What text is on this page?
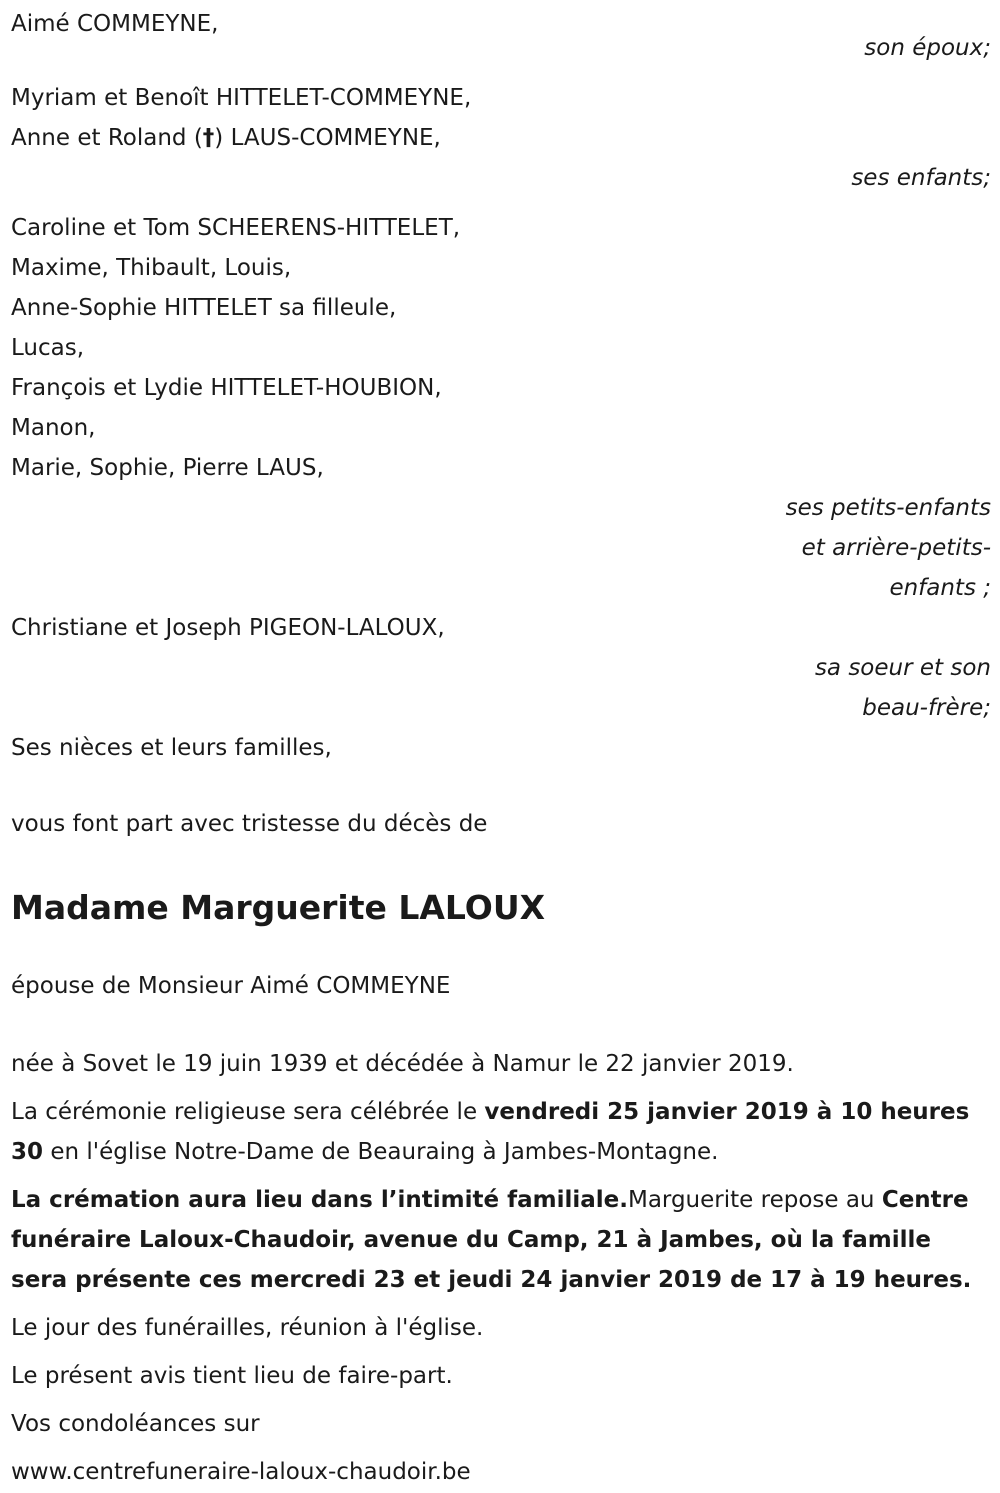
Aimé COMMEYNE,
son époux;
Myriam et Benoît HITTELET-COMMEYNE,
Anne et Roland (†) LAUS-COMMEYNE,
ses enfants;
Caroline et Tom SCHEERENS-HITTELET,
Maxime, Thibault, Louis,
Anne-Sophie HITTELET sa filleule,
Lucas,
François et Lydie HITTELET-HOUBION,
Manon,
Marie, Sophie, Pierre LAUS,
ses petits-enfants
et arrière-petits-
enfants ;
Christiane et Joseph PIGEON-LALOUX,
sa soeur et son
beau-frère;
Ses nièces et leurs familles,
vous font part avec tristesse du décès de
Madame Marguerite LALOUX
épouse de Monsieur Aimé COMMEYNE
née à Sovet le 19 juin 1939 et décédée à Namur le 22 janvier 2019.
La cérémonie religieuse sera célébrée le vendredi 25 janvier 2019 à 10 heures 30 en l'église Notre-Dame de Beauraing à Jambes-Montagne.
La crémation aura lieu dans l’intimité familiale.Marguerite repose au Centre funéraire Laloux-Chaudoir, avenue du Camp, 21 à Jambes, où la famille sera présente ces mercredi 23 et jeudi 24 janvier 2019 de 17 à 19 heures.
Le jour des funérailles, réunion à l'église.
Le présent avis tient lieu de faire-part.
Vos condoléances sur
www.centrefuneraire-laloux-chaudoir.be
